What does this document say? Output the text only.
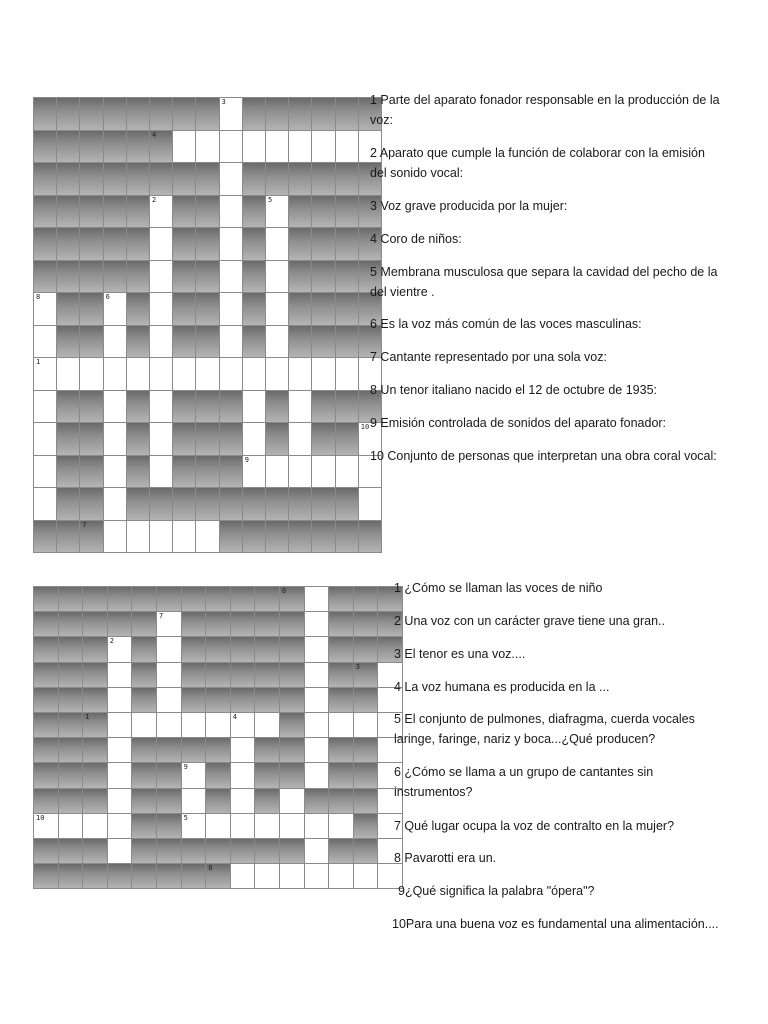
3
4
2	5
8	6
1
10
9
7
1 Parte del aparato fonador responsable en la producción de la voz:
2 Aparato que cumple la función de colaborar con la emisión del sonido vocal:
3 Voz grave producida por la mujer:
4 Coro de niños:
5 Membrana musculosa que separa la cavidad del pecho de la del vientre .
6 Es la voz más común de las voces masculinas:
7 Cantante representado por una sola voz:
8 Un tenor italiano nacido el 12 de octubre de 1935:
9 Emisión controlada de sonidos del aparato fonador:
10 Conjunto de personas que interpretan una obra coral vocal:
6
7
2
3
1	4
9
10	5
8
1 ¿Cómo se llaman las voces de niño
2 Una voz con un carácter grave tiene una gran..
3 El tenor es una voz....
4 La voz humana es producida en la ...
5 El conjunto de pulmones, diafragma, cuerda vocales laringe, faringe, nariz y boca...¿Qué producen?
6 ¿Cómo se llama a un grupo de cantantes sin instrumentos?
7 Qué lugar ocupa la voz de contralto en la mujer?
8 Pavarotti era un.
9¿Qué significa la palabra "ópera"?
10Para una buena voz es fundamental una alimentación....
